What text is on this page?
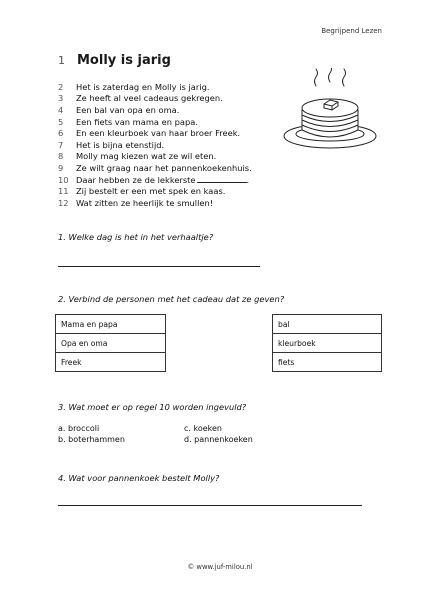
Begrijpend Lezen
1 Molly is jarig
2	Het is zaterdag en Molly is jarig.
3	Ze heeft al veel cadeaus gekregen.
4	Een bal van opa en oma.
5	Een fiets van mama en papa.
6	En een kleurboek van haar broer Freek.
7	Het is bijna etenstijd.
8	Molly mag kiezen wat ze wil eten.
9	Ze wilt graag naar het pannenkoekenhuis.
10 Daar hebben ze de lekkerste	.
11 Zij bestelt er een met spek en kaas.
12 Wat zitten ze heerlijk te smullen!
1. Welke dag is het in het verhaaltje?
2. Verbind de personen met het cadeau dat ze geven?
Mama en papa
Opa en oma
Freek
bal
kleurboek
fiets
3. Wat moet er op regel 10 worden ingevuld?
a. broccoli	c. koeken
b. boterhammen	d. pannenkoeken
4. Wat voor pannenkoek bestelt Molly?
© www.juf-milou.nl
